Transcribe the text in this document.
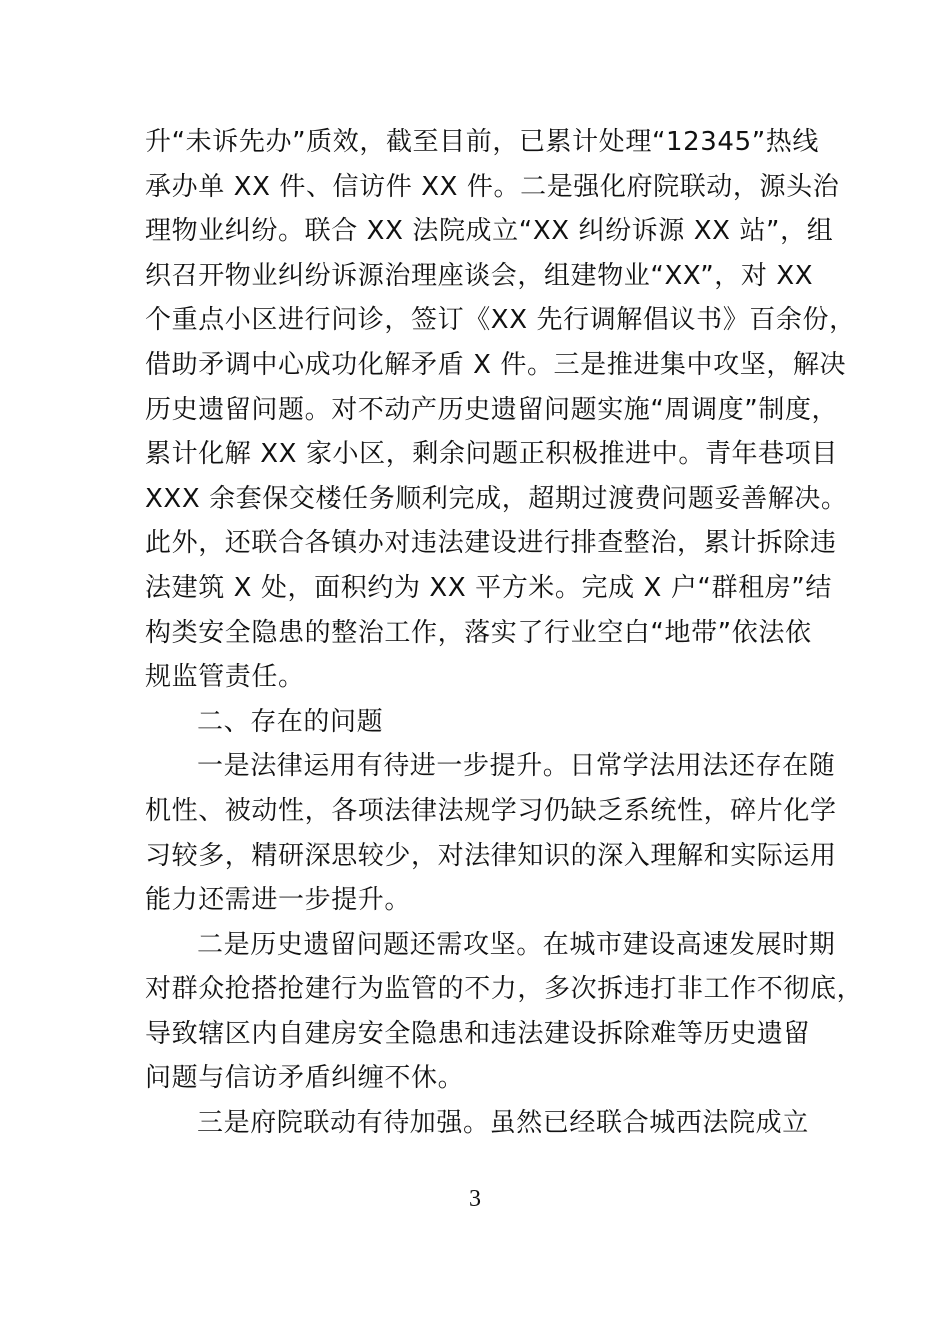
升“未诉先办”质效，截至目前，已累计处理“12345”热线
承办单 XX 件、信访件 XX 件。二是强化府院联动，源头治
理物业纠纷。联合 XX 法院成立“XX 纠纷诉源 XX 站”，组
织召开物业纠纷诉源治理座谈会，组建物业“XX”，对 XX
个重点小区进行问诊，签订《XX 先行调解倡议书》百余份，
借助矛调中心成功化解矛盾 X 件。三是推进集中攻坚，解决
历史遗留问题。对不动产历史遗留问题实施“周调度”制度，
累计化解 XX 家小区，剩余问题正积极推进中。青年巷项目
XXX 余套保交楼任务顺利完成，超期过渡费问题妥善解决。
此外，还联合各镇办对违法建设进行排查整治，累计拆除违
法建筑 X 处，面积约为 XX 平方米。完成 X 户“群租房”结
构类安全隐患的整治工作，落实了行业空白“地带”依法依
规监管责任。
二、存在的问题
一是法律运用有待进一步提升。日常学法用法还存在随
机性、被动性，各项法律法规学习仍缺乏系统性，碎片化学
习较多，精研深思较少，对法律知识的深入理解和实际运用
能力还需进一步提升。
二是历史遗留问题还需攻坚。在城市建设高速发展时期
对群众抢搭抢建行为监管的不力，多次拆违打非工作不彻底，
导致辖区内自建房安全隐患和违法建设拆除难等历史遗留
问题与信访矛盾纠缠不休。
三是府院联动有待加强。虽然已经联合城西法院成立
3
